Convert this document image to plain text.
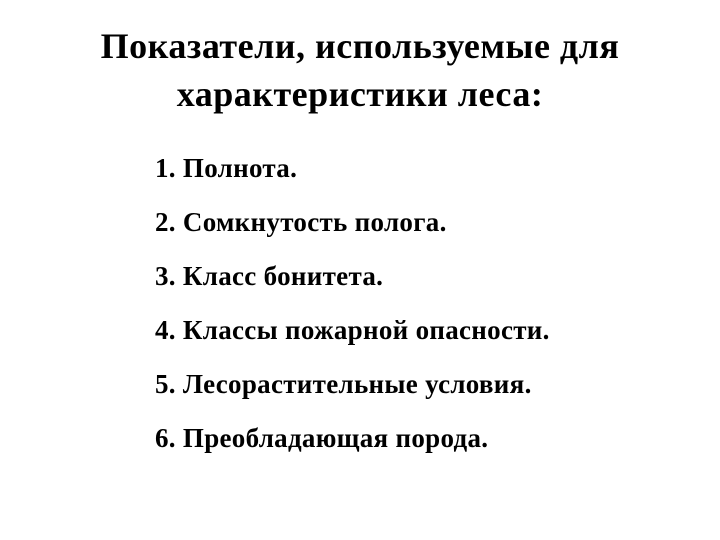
Показатели, используемые для
характеристики леса:
1. Полнота.
2. Сомкнутость полога.
3. Класс бонитета.
4. Классы пожарной опасности.
5. Лесорастительные условия.
6. Преобладающая порода.
